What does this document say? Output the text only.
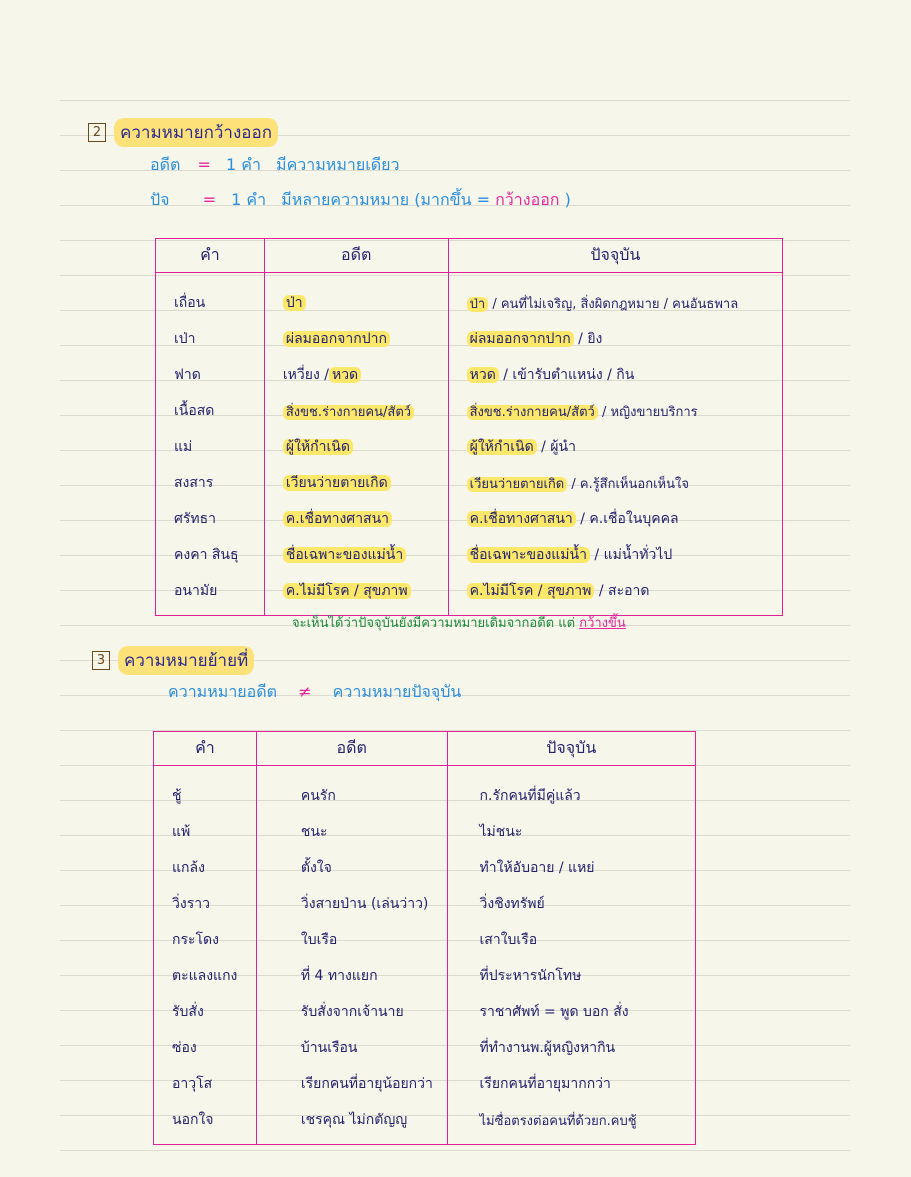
2	ความหมายกว้างออก
อดีต = 1 คำ มีความหมายเดียว
ปัจ = 1 คำ มีหลายความหมาย (มากขึ้น = กว้างออก )
คำ	อดีต	ปัจจุบัน
เถื่อน	ป่า	ป่า / คนที่ไม่เจริญ, สิ่งผิดกฎหมาย / คนอันธพาล
เป่า	ผ่ลมออกจากปาก	ผ่ลมออกจากปาก / ยิง
ฟาด	เหวี่ยง / หวด	หวด / เข้ารับตำแหน่ง / กิน
เนื้อสด	สิ่งขช.ร่างกายคน/สัตว์	สิ่งขช.ร่างกายคน/สัตว์ / หญิงขายบริการ
แม่	ผู้ให้กำเนิด	ผู้ให้กำเนิด / ผู้นำ
สงสาร	เวียนว่ายตายเกิด	เวียนว่ายตายเกิด / ค.รู้สึกเห็นอกเห็นใจ
ศรัทธา	ค.เชื่อทางศาสนา	ค.เชื่อทางศาสนา / ค.เชื่อในบุคคล
คงคา สินธุ	ชื่อเฉพาะของแม่น้ำ	ชื่อเฉพาะของแม่น้ำ / แม่น้ำทั่วไป
อนามัย	ค.ไม่มีโรค / สุขภาพ	ค.ไม่มีโรค / สุขภาพ / สะอาด
จะเห็นได้ว่าปัจจุบันยังมีความหมายเดิมจากอดีต แต่ กว้างขึ้น
3	ความหมายย้ายที่
ความหมายอดีต ≠ ความหมายปัจจุบัน
คำ	อดีต	ปัจจุบัน
ชู้	คนรัก	ก.รักคนที่มีคู่แล้ว
แพ้	ชนะ	ไม่ชนะ
แกล้ง	ตั้งใจ	ทำให้อับอาย / แหย่
วิ่งราว	วิ่งสายป่าน (เล่นว่าว)	วิ่งชิงทรัพย์
กระโดง	ใบเรือ	เสาใบเรือ
ตะแลงแกง	ที่ 4 ทางแยก	ที่ประหารนักโทษ
รับสั่ง	รับสั่งจากเจ้านาย	ราชาศัพท์ = พูด บอก สั่ง
ซ่อง	บ้านเรือน	ที่ทำงานพ.ผู้หญิงหากิน
อาวุโส	เรียกคนที่อายุน้อยกว่า	เรียกคนที่อายุมากกว่า
นอกใจ	เชรคุณ ไม่กตัญญู	ไม่ซื่อตรงต่อคนที่ด้วยก.คบชู้
